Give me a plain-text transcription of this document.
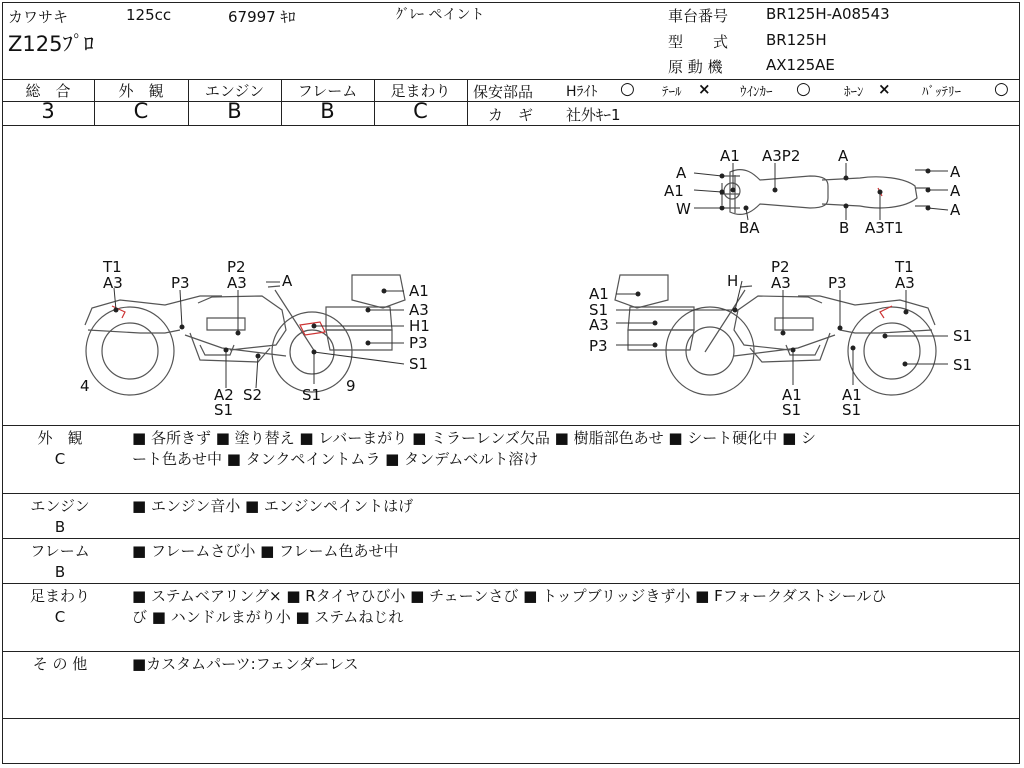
カワサキ	125cc	67997 ｷﾛ	ｸﾞﾚｰ ペイント
Z125ﾌﾟﾛ
車台番号	BR125H-A08543
型　　式	BR125H
原 動 機	AX125AE
総　合
3
外　観
C
エンジン
B
フレーム
B
足まわり
C
保安部品 Hﾗｲﾄ ○ ﾃｰﾙ × ｳｲﾝｶｰ ○	ﾎｰﾝ × ﾊﾞｯﾃﾘｰ ○
カ　ギ 社外ｷｰ1
T1
A3	P3
P2
A3 A
A1
A3
H1
P3
S1
4	A2 S2
S1
S1 9
A1
S1
A3
P3
H
P2
A3 P3
T1
A3
S1
S1
A1
S1
A1
S1
A1 A3P2	A
A
A1
W
BA	B A3T1
A
A
A
外　観
C
■ 各所きず ■ 塗り替え ■ レバーまがり ■ ミラーレンズ欠品 ■ 樹脂部色あせ ■ シート硬化中 ■ シ
ート色あせ中 ■ タンクペイントムラ ■ タンデムベルト溶け
エンジン
B
■ エンジン音小 ■ エンジンペイントはげ
フレーム
B
■ フレームさび小 ■ フレーム色あせ中
足まわり
C
■ ステムベアリング× ■ Rタイヤひび小 ■ チェーンさび ■ トップブリッジきず小 ■ Fフォークダストシールひ
び ■ ハンドルまがり小 ■ ステムねじれ
そ の 他	■カスタムパーツ:フェンダーレス
